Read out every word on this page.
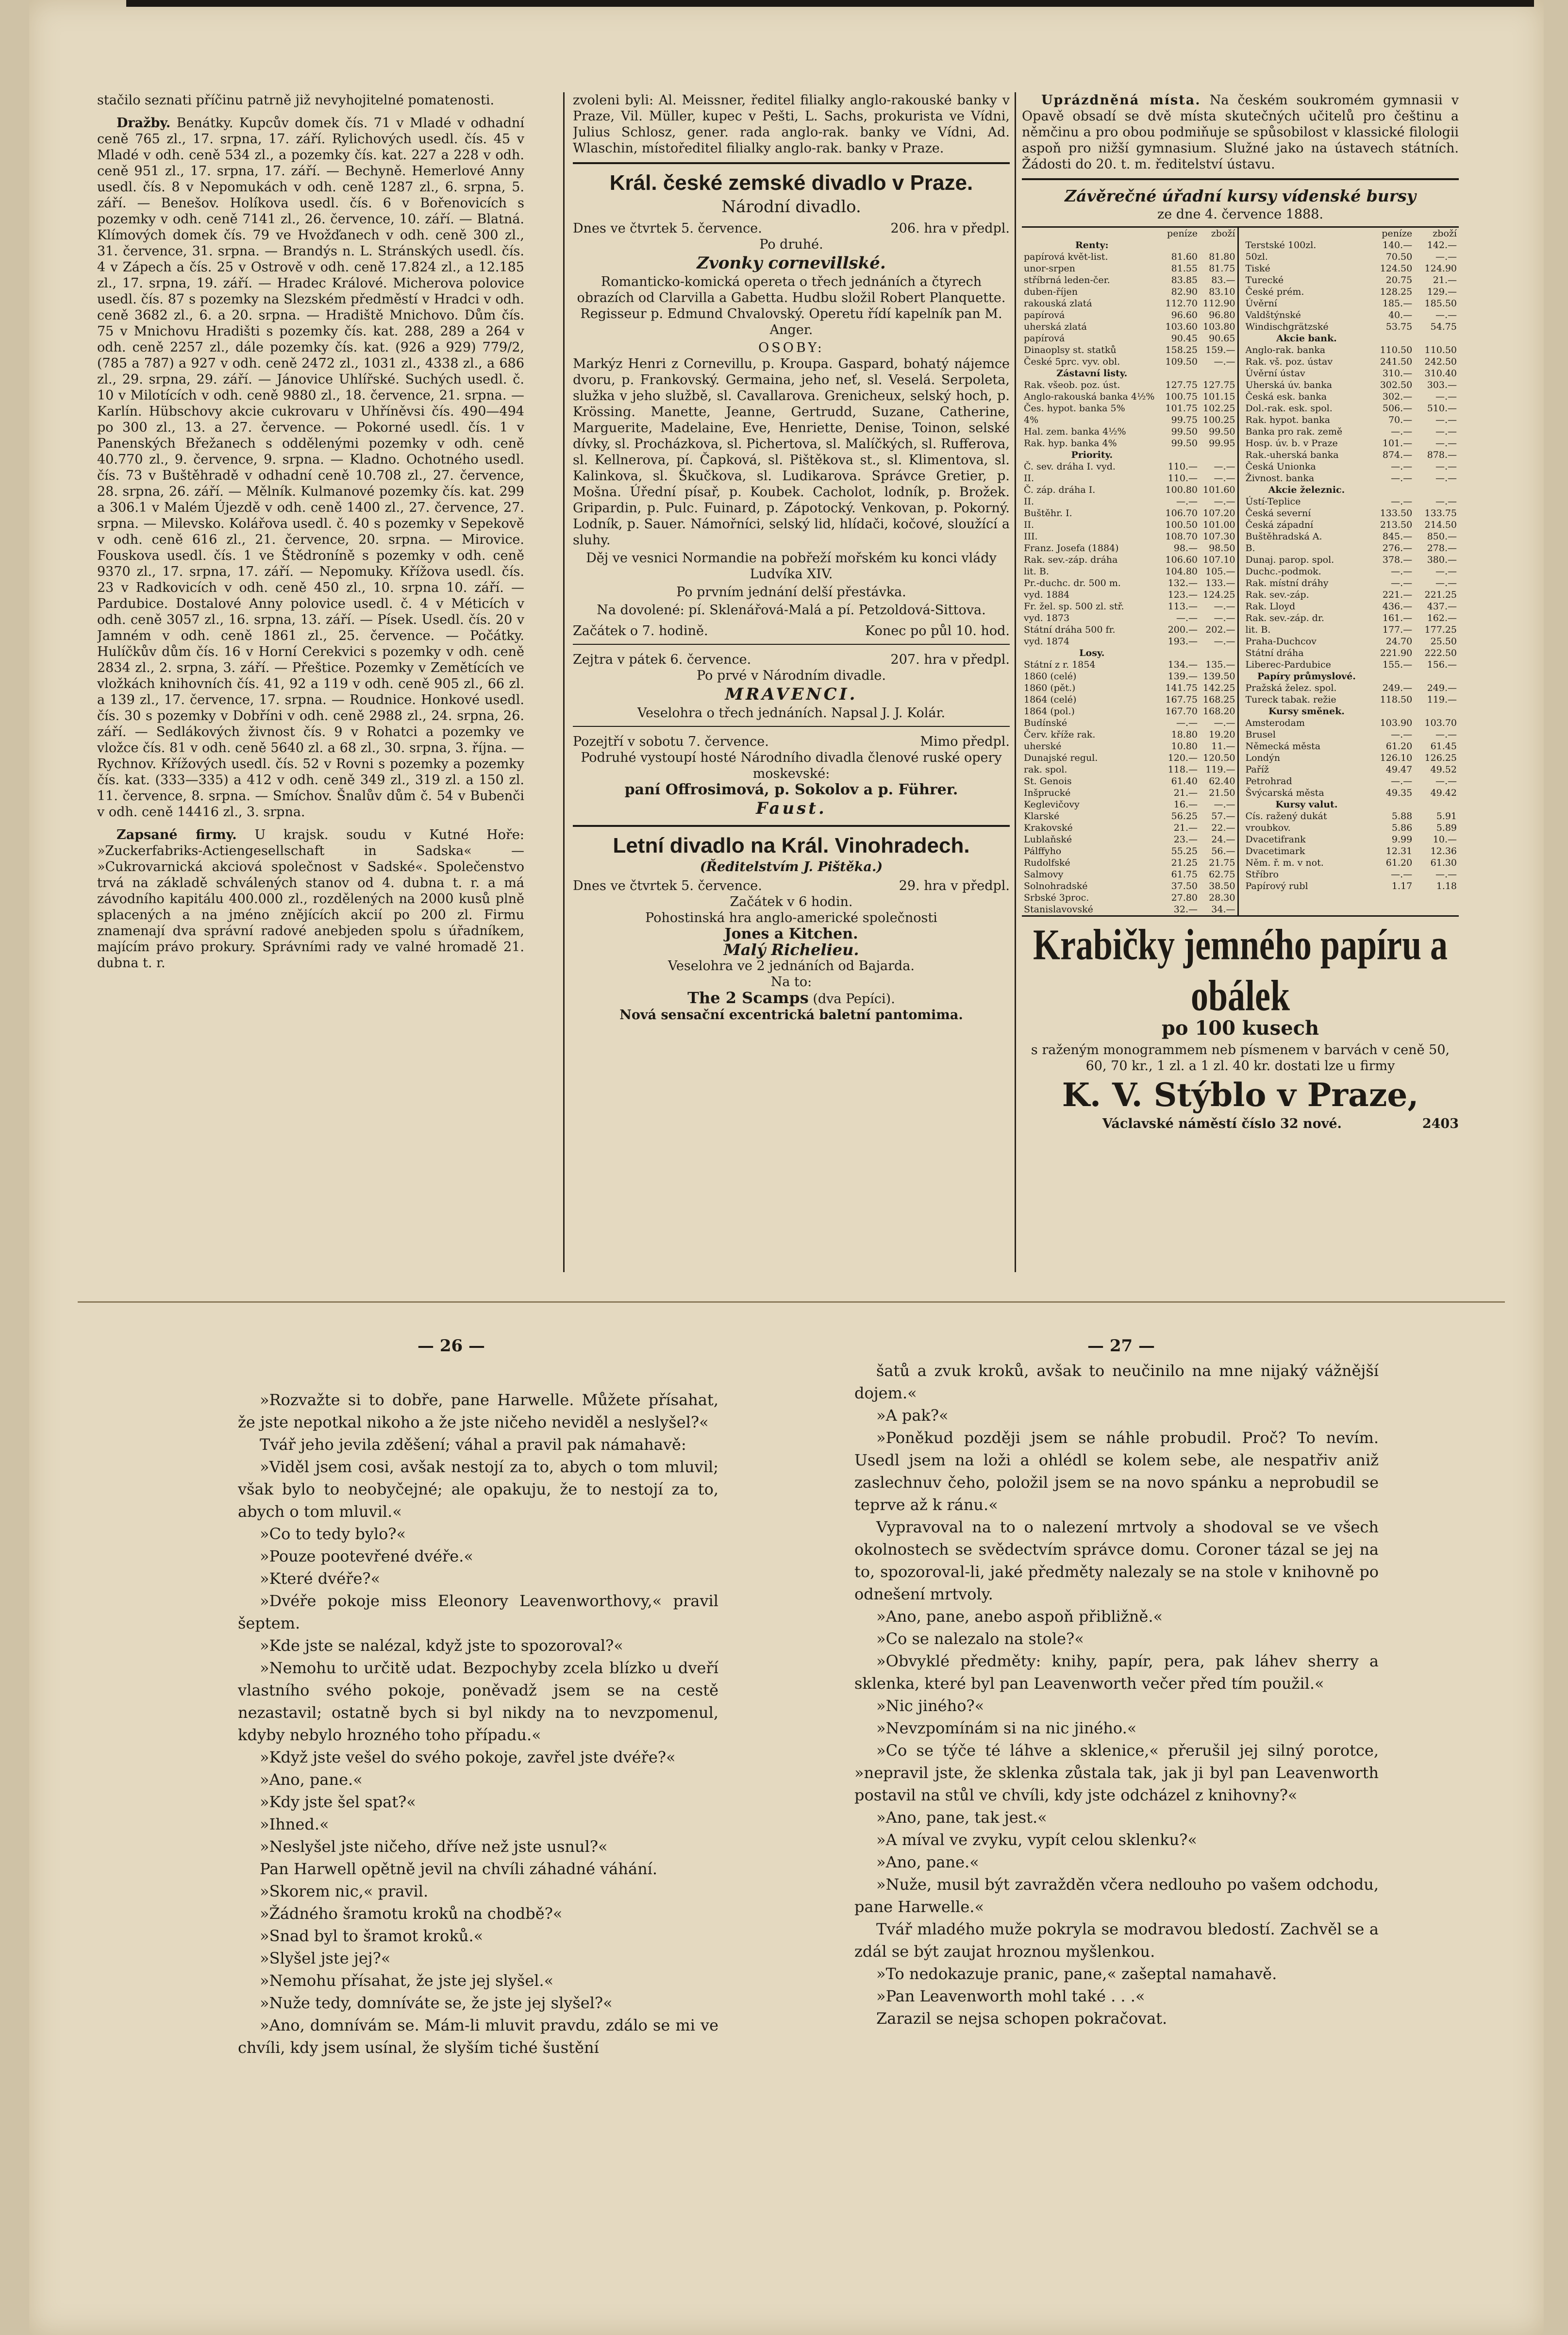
stačilo seznati příčinu patrně již nevyhojitelné pomatenosti.

Dražby. Benátky. Kupcův domek čís. 71 v Mladé v odhadní ceně 765 zl., 17. srpna, 17. září. Rylichových usedl. čís. 45 v Mladé v odh. ceně 534 zl., a pozemky čís. kat. 227 a 228 v odh. ceně 951 zl., 17. srpna, 17. září. — Bechyně. Hemerlové Anny usedl. čís. 8 v Nepomukách v odh. ceně 1287 zl., 6. srpna, 5. září. — Benešov. Holíkova usedl. čís. 6 v Bořenovicích s pozemky v odh. ceně 7141 zl., 26. července, 10. září. — Blatná. Klímových domek čís. 79 ve Hvožďanech v odh. ceně 300 zl., 31. července, 31. srpna. — Brandýs n. L. Stránských usedl. čís. 4 v Zápech a čís. 25 v Ostrově v odh. ceně 17.824 zl., a 12.185 zl., 17. srpna, 19. září. — Hradec Králové. Micherova polovice usedl. čís. 87 s pozemky na Slezském předměstí v Hradci v odh. ceně 3682 zl., 6. a 20. srpna. — Hradiště Mnichovo. Dům čís. 75 v Mnichovu Hradišti s pozemky čís. kat. 288, 289 a 264 v odh. ceně 2257 zl., dále pozemky čís. kat. (926 a 929) 779/2, (785 a 787) a 927 v odh. ceně 2472 zl., 1031 zl., 4338 zl., a 686 zl., 29. srpna, 29. září. — Jánovice Uhlířské. Suchých usedl. č. 10 v Milotících v odh. ceně 9880 zl., 18. července, 21. srpna. — Karlín. Hübschovy akcie cukrovaru v Uhříněvsi čís. 490—494 po 300 zl., 13. a 27. července. — Pokorné usedl. čís. 1 v Panenských Břežanech s oddělenými pozemky v odh. ceně 40.770 zl., 9. července, 9. srpna. — Kladno. Ochotného usedl. čís. 73 v Buštěhradě v odhadní ceně 10.708 zl., 27. července, 28. srpna, 26. září. — Mělník. Kulmanové pozemky čís. kat. 299 a 306.1 v Malém Újezdě v odh. ceně 1400 zl., 27. července, 27. srpna. — Milevsko. Kolářova usedl. č. 40 s pozemky v Sepekově v odh. ceně 616 zl., 21. července, 20. srpna. — Mirovice. Fouskova usedl. čís. 1 ve Štědroníně s pozemky v odh. ceně 9370 zl., 17. srpna, 17. září. — Nepomuky. Křížova usedl. čís. 23 v Radkovicích v odh. ceně 450 zl., 10. srpna 10. září. — Pardubice. Dostalové Anny polovice usedl. č. 4 v Méticích v odh. ceně 3057 zl., 16. srpna, 13. září. — Písek. Usedl. čís. 20 v Jamném v odh. ceně 1861 zl., 25. července. — Počátky. Hulíčkův dům čís. 16 v Horní Cerekvici s pozemky v odh. ceně 2834 zl., 2. srpna, 3. září. — Přeštice. Pozemky v Zemětících ve vložkách knihovních čís. 41, 92 a 119 v odh. ceně 905 zl., 66 zl. a 139 zl., 17. července, 17. srpna. — Roudnice. Honkové usedl. čís. 30 s pozemky v Dobříni v odh. ceně 2988 zl., 24. srpna, 26. září. — Sedlákových živnost čís. 9 v Rohatci a pozemky ve vložce čís. 81 v odh. ceně 5640 zl. a 68 zl., 30. srpna, 3. října. — Rychnov. Křížových usedl. čís. 52 v Rovni s pozemky a pozemky čís. kat. (333—335) a 412 v odh. ceně 349 zl., 319 zl. a 150 zl. 11. července, 8. srpna. — Smíchov. Šnalův dům č. 54 v Bubenči v odh. ceně 14416 zl., 3. srpna.

Zapsané firmy. U krajsk. soudu v Kutné Hoře: »Zuckerfabriks-Actiengesellschaft in Sadska« — »Cukrovarnická akciová společnost v Sadské«. Společenstvo trvá na základě schválených stanov od 4. dubna t. r. a má závodního kapitálu 400.000 zl., rozdělených na 2000 kusů plně splacených a na jméno znějících akcií po 200 zl. Firmu znamenají dva správní radové anebjeden spolu s úřadníkem, majícím právo prokury. Správními rady ve valné hromadě 21. dubna t. r.

zvoleni byli: Al. Meissner, ředitel filialky anglo-rakouské banky v Praze, Vil. Müller, kupec v Pešti, L. Sachs, prokurista ve Vídni, Julius Schlosz, gener. rada anglo-rak. banky ve Vídni, Ad. Wlaschin, místoředitel filialky anglo-rak. banky v Praze.

Král. české zemské divadlo v Praze.
Národní divadlo.
Dnes ve čtvrtek 5. července.	206. hra v předpl.
Po druhé.
Zvonky cornevillské.

Romanticko-komická opereta o třech jednáních a čtyrech obrazích od Clarvilla a Gabetta. Hudbu složil Robert Planquette.

Regisseur p. Edmund Chvalovský. Operetu řídí kapelník pan M. Anger.

OSOBY:

Markýz Henri z Cornevillu, p. Kroupa. Gaspard, bohatý nájemce dvoru, p. Frankovský. Germaina, jeho neť, sl. Veselá. Serpoleta, služka v jeho službě, sl. Cavallarova. Grenicheux, selský hoch, p. Krössing. Manette, Jeanne, Gertrudd, Suzane, Catherine, Marguerite, Madelaine, Eve, Henriette, Denise, Toinon, selské dívky, sl. Procházkova, sl. Pichertova, sl. Malíčkých, sl. Rufferova, sl. Kellnerova, pí. Čapková, sl. Pištěkova st., sl. Klimentova, sl. Kalinkova, sl. Škučkova, sl. Ludikarova. Správce Gretier, p. Mošna. Úřední písař, p. Koubek. Cacholot, lodník, p. Brožek. Gripardin, p. Pulc. Fuinard, p. Zápotocký. Venkovan, p. Pokorný. Lodník, p. Sauer. Námořníci, selský lid, hlídači, kočové, sloužící a sluhy.

Děj ve vesnici Normandie na pobřeží mořském ku konci vlády Ludvíka XIV.

Po prvním jednání delší přestávka.

Na dovolené: pí. Sklenářová-Malá a pí. Petzoldová-Sittova.

Začátek o 7. hodině.	Konec po půl 10. hod.
Zejtra v pátek 6. července.	207. hra v předpl.
Po prvé v Národním divadle.
MRAVENCI.
Veselohra o třech jednáních. Napsal J. J. Kolár.
Pozejtří v sobotu 7. července.	Mimo předpl.

Podruhé vystoupí hosté Národního divadla členové ruské opery moskevské:

paní Offrosimová, p. Sokolov a p. Führer.
Faust.
Letní divadlo na Král. Vinohradech.
(Ředitelstvím J. Pištěka.)
Dnes ve čtvrtek 5. července.	29. hra v předpl.
Začátek v 6 hodin.
Pohostinská hra anglo-americké společnosti
Jones a Kitchen.
Malý Richelieu.
Veselohra ve 2 jednáních od Bajarda.
Na to:
The 2 Scamps (dva Pepíci).
Nová sensační excentrická baletní pantomima.

Uprázdněná místa. Na českém soukromém gymnasii v Opavě obsadí se dvě místa skutečných učitelů pro češtinu a němčinu a pro obou podmiňuje se spůsobilost v klassické filologii aspoň pro nižší gymnasium. Služné jako na ústavech státních. Žádosti do 20. t. m. ředitelství ústavu.

Závěrečné úřadní kursy vídenské bursy
ze dne 4. července 1888.
	peníze	zboží
Renty:		
papírová květ-list.	81.60	81.80
unor-srpen	81.55	81.75
stříbrná leden-čer.	83.85	83.—
duben-říjen	82.90	83.10
rakouská zlatá	112.70	112.90
papírová	96.60	96.80
uherská zlatá	103.60	103.80
papírová	90.45	90.65
Dinaoplsy st. statků	158.25	159.—

České 5prc. vyv. obl.	109.50	—.—
Zástavní listy.		
Rak. všeob. poz. úst.	127.75	127.75
Anglo-rakouská banka 4½%	100.75	101.15
Čes. hypot. banka 5%	101.75	102.25
4%	99.75	100.25
Hal. zem. banka 4½%	99.50	99.50
Rak. hyp. banka 4%	99.50	99.95
Priority.		
Č. sev. dráha I. vyd.	110.—	—.—
II.	110.—	—.—
Č. záp. dráha I.	100.80	101.60
II.	—.—	—.—
Buštěhr. I.	106.70	107.20
II.	100.50	101.00
III.	108.70	107.30
Franz. Josefa (1884)	98.—	98.50
Rak. sev.-záp. dráha	106.60	107.10
lit. B.	104.80	105.—
Pr.-duchc. dr. 500 m.	132.—	133.—
vyd. 1884	123.—	124.25
Fr. žel. sp. 500 zl. stř.	113.—	—.—
vyd. 1873	—.—	—.—
Státní dráha 500 fr.	200.—	202.—
vyd. 1874	193.—	—.—
Losy.		
Státní z r. 1854	134.—	135.—
1860 (celé)	139.—	139.50
1860 (pět.)	141.75	142.25
1864 (celé)	167.75	168.25
1864 (pol.)	167.70	168.20
Budínské	—.—	—.—
Červ. kříže rak.	18.80	19.20
uherské	10.80	11.—
Dunajské regul.	120.—	120.50
rak. spol.	118.—	119.—
St. Genois	61.40	62.40
Inšprucké	21.—	21.50
Keglevičovy	16.—	—.—
Klarské	56.25	57.—
Krakovské	21.—	22.—
Lublaňské	23.—	24.—
Pálffyho	55.25	56.—
Rudolfské	21.25	21.75
Salmovy	61.75	62.75
Solnohradské	37.50	38.50
Srbské 3proc.	27.80	28.30
Stanislavovské	32.—	34.—
	peníze	zboží
Terstské 100zl.	140.—	142.—
50zl.	70.50	—.—
Tiské	124.50	124.90
Turecké	20.75	21.—
České prém.	128.25	129.—
Úvěrní	185.—	185.50
Valdštýnské	40.—	—.—
Windischgrätzské	53.75	54.75
Akcie bank.		
Anglo-rak. banka	110.50	110.50
Rak. vš. poz. ústav	241.50	242.50
Úvěrní ústav	310.—	310.40
Uherská úv. banka	302.50	303.—
Česká esk. banka	302.—	—.—
Dol.-rak. esk. spol.	506.—	510.—
Rak. hypot. banka	70.—	—.—
Banka pro rak. země	—.—	—.—
Hosp. úv. b. v Praze	101.—	—.—
Rak.-uherská banka	874.—	878.—
Česká Unionka	—.—	—.—
Živnost. banka	—.—	—.—
Akcie železnic.		
Ústí-Teplice	—.—	—.—
Česká severní	133.50	133.75
Česká západní	213.50	214.50
Buštěhradská A.	845.—	850.—
B.	276.—	278.—
Dunaj. parop. spol.	378.—	380.—
Duchc.-podmok.	—.—	—.—
Rak. místní dráhy	—.—	—.—
Rak. sev.-záp.	221.—	221.25
Rak. Lloyd	436.—	437.—
Rak. sev.-záp. dr.	161.—	162.—
lit. B.	177.—	177.25
Praha-Duchcov	24.70	25.50
Státní dráha	221.90	222.50
Liberec-Pardubice	155.—	156.—
Papíry průmyslové.		
Pražská želez. spol.	249.—	249.—
Tureck tabak. režie	118.50	119.—
Kursy směnek.		
Amsterodam	103.90	103.70
Brusel	—.—	—.—
Německá města	61.20	61.45
Londýn	126.10	126.25
Paříž	49.47	49.52
Petrohrad	—.—	—.—
Švýcarská města	49.35	49.42
Kursy valut.		
Cís. ražený dukát	5.88	5.91
vroubkov.	5.86	5.89
Dvacetifrank	9.99	10.—
Dvacetimark	12.31	12.36
Něm. ř. m. v not.	61.20	61.30
Stříbro	—.—	—.—
Papírový rubl	1.17	1.18
Krabičky jemného papíru a obálek
po 100 kusech

s raženým monogrammem neb písmenem v barvách v ceně 50, 60, 70 kr., 1 zl. a 1 zl. 40 kr. dostati lze u firmy

K. V. Stýblo v Praze,
Václavské náměstí číslo 32 nové.	2403
— 26 —	— 27 —

»Rozvažte si to dobře, pane Harwelle. Můžete přísahat, že jste nepotkal nikoho a že jste ničeho neviděl a neslyšel?«

Tvář jeho jevila zděšení; váhal a pravil pak námahavě:

»Viděl jsem cosi, avšak nestojí za to, abych o tom mluvil; však bylo to neobyčejné; ale opakuju, že to nestojí za to, abych o tom mluvil.«

»Co to tedy bylo?«

»Pouze pootevřené dvéře.«

»Které dvéře?«

»Dvéře pokoje miss Eleonory Leavenworthovy,« pravil šeptem.

»Kde jste se nalézal, když jste to spozoroval?«

»Nemohu to určitě udat. Bezpochyby zcela blízko u dveří vlastního svého pokoje, poněvadž jsem se na cestě nezastavil; ostatně bych si byl nikdy na to nevzpomenul, kdyby nebylo hrozného toho případu.«

»Když jste vešel do svého pokoje, zavřel jste dvéře?«

»Ano, pane.«

»Kdy jste šel spat?«

»Ihned.«

»Neslyšel jste ničeho, dříve než jste usnul?«

Pan Harwell opětně jevil na chvíli záhadné váhání.

»Skorem nic,« pravil.

»Žádného šramotu kroků na chodbě?«

»Snad byl to šramot kroků.«

»Slyšel jste jej?«

»Nemohu přísahat, že jste jej slyšel.«

»Nuže tedy, domníváte se, že jste jej slyšel?«

»Ano, domnívám se. Mám-li mluvit pravdu, zdálo se mi ve chvíli, kdy jsem usínal, že slyším tiché šustění

šatů a zvuk kroků, avšak to neučinilo na mne nijaký vážnější dojem.«

»A pak?«

»Poněkud později jsem se náhle probudil. Proč? To nevím. Usedl jsem na loži a ohlédl se kolem sebe, ale nespatřiv aniž zaslechnuv čeho, položil jsem se na novo spánku a neprobudil se teprve až k ránu.«

Vypravoval na to o nalezení mrtvoly a shodoval se ve všech okolnostech se svědectvím správce domu. Coroner tázal se jej na to, spozoroval-li, jaké předměty nalezaly se na stole v knihovně po odnešení mrtvoly.

»Ano, pane, anebo aspoň přibližně.«

»Co se nalezalo na stole?«

»Obvyklé předměty: knihy, papír, pera, pak láhev sherry a sklenka, které byl pan Leavenworth večer před tím použil.«

»Nic jiného?«

»Nevzpomínám si na nic jiného.«

»Co se týče té láhve a sklenice,« přerušil jej silný porotce, »nepravil jste, že sklenka zůstala tak, jak ji byl pan Leavenworth postavil na stůl ve chvíli, kdy jste odcházel z knihovny?«

»Ano, pane, tak jest.«

»A míval ve zvyku, vypít celou sklenku?«

»Ano, pane.«

»Nuže, musil být zavražděn včera nedlouho po vašem odchodu, pane Harwelle.«

Tvář mladého muže pokryla se modravou bledostí. Zachvěl se a zdál se být zaujat hroznou myšlenkou.

»To nedokazuje pranic, pane,« zašeptal namahavě.

»Pan Leavenworth mohl také . . .«

Zarazil se nejsa schopen pokračovat.
